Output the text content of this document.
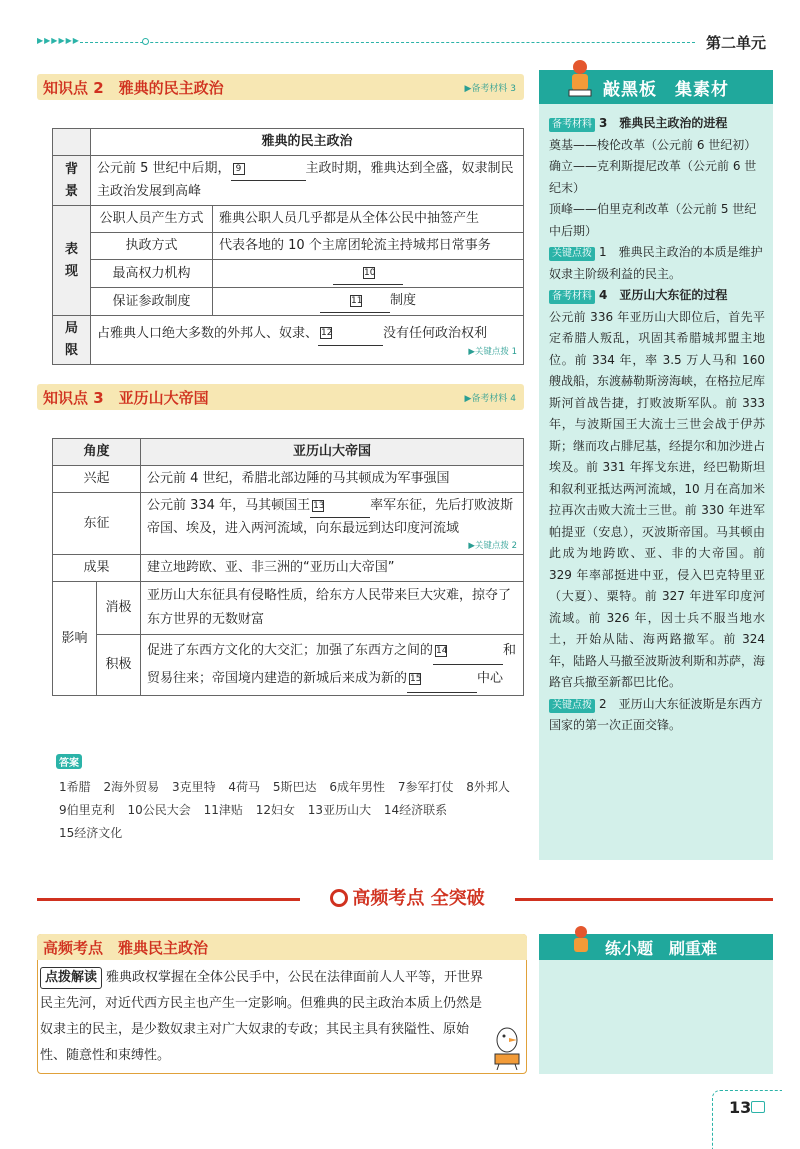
▶▶▶▶▶▶	第二单元
知识点 2　雅典的民主政治	▶备考材料 3
	雅典的民主政治	
背景	公元前 5 世纪中后期， 9 主政时期，雅典达到全盛，奴隶制民主政治发展到高峰	
表现	公职人员产生方式	雅典公职人员几乎都是从全体公民中抽签产生
	执政方式	代表各地的 10 个主席团轮流主持城邦日常事务
	最高权力机构	10
	保证参政制度	11 制度
局限	占雅典人口绝大多数的外邦人、奴隶、 12 没有任何政治权利
▶关键点拨 1	
知识点 3　亚历山大帝国	▶备考材料 4
角度		亚历山大帝国
兴起		公元前 4 世纪，希腊北部边陲的马其顿成为军事强国
东征		公元前 334 年，马其顿国王 13 率军东征，先后打败波斯帝国、埃及，进入两河流域，向东最远到达印度河流域
▶关键点拨 2

成果		建立地跨欧、亚、非三洲的“亚历山大帝国”
影响	消极	亚历山大东征具有侵略性质，给东方人民带来巨大灾难，掠夺了东方世界的无数财富
	积极	促进了东西方文化的大交汇；加强了东西方之间的 14 和贸易往来；帝国境内建造的新城后来成为新的 15 中心
答案
1希腊 2海外贸易 3克里特 4荷马 5斯巴达 6成年男性 7参军打仗 8外邦人 9伯里克利 10公民大会 11津贴 12妇女 13亚历山大 14经济联系 15经济文化
敲黑板　集素材
备考材料 3　雅典民主政治的进程
奠基——梭伦改革（公元前 6 世纪初）
确立——克利斯提尼改革（公元前 6 世纪末）
顶峰——伯里克利改革（公元前 5 世纪中后期）
关键点拨 1　雅典民主政治的本质是维护奴隶主阶级利益的民主。
备考材料 4　亚历山大东征的过程
公元前 336 年亚历山大即位后，首先平定希腊人叛乱，巩固其希腊城邦盟主地位。前 334 年，率 3.5 万人马和 160 艘战船，东渡赫勒斯滂海峡，在格拉尼库斯河首战告捷，打败波斯军队。前 333 年，与波斯国王大流士三世会战于伊苏斯；继而攻占腓尼基，经提尔和加沙进占埃及。前 331 年挥戈东进，经巴勒斯坦和叙利亚抵达两河流域，10 月在高加米拉再次击败大流士三世。前 330 年进军帕提亚（安息），灭波斯帝国。马其顿由此成为地跨欧、亚、非的大帝国。前 329 年率部挺进中亚，侵入巴克特里亚（大夏）、粟特。前 327 年进军印度河流域。前 326 年，因士兵不服当地水土，开始从陆、海两路撤军。前 324 年，陆路人马撤至波斯波利斯和苏萨，海路官兵撤至新都巴比伦。
关键点拨 2　亚历山大东征波斯是东西方国家的第一次正面交锋。
高频考点 全突破
高频考点　雅典民主政治
点拨解读 雅典政权掌握在全体公民手中，公民在法律面前人人平等，开世界民主先河，对近代西方民主也产生一定影响。但雅典的民主政治本质上仍然是奴隶主的民主，是少数奴隶主对广大奴隶的专政；其民主具有狭隘性、原始性、随意性和束缚性。
练小题　刷重难
13
